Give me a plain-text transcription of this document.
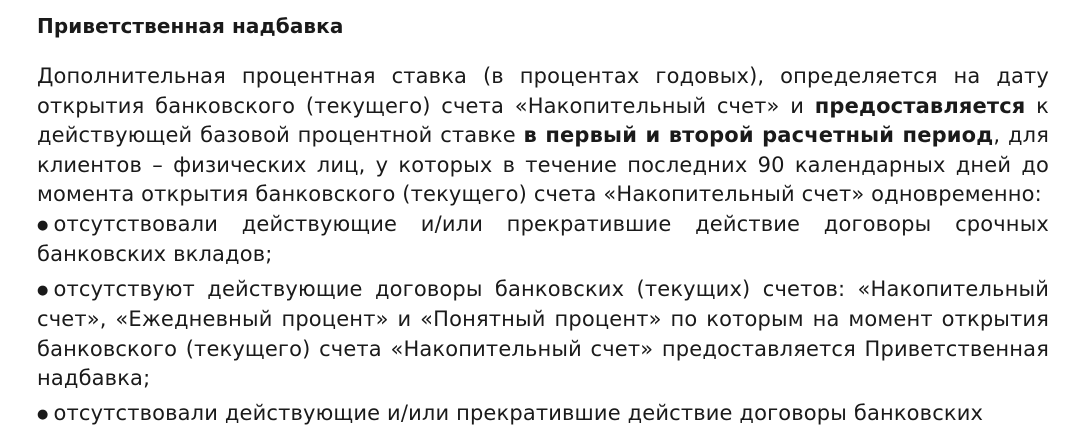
Приветственная надбавка

Дополнительная процентная ставка (в процентах годовых), определяется на дату открытия банковского (текущего) счета «Накопительный счет» и предоставляется к действующей базовой процентной ставке в первый и второй расчетный период, для клиентов – физических лиц, у которых в течение последних 90 календарных дней до момента открытия банковского (текущего) счета «Накопительный счет» одновременно:

● отсутствовали действующие и/или прекратившие действие договоры срочных банковских вкладов;
● отсутствуют действующие договоры банковских (текущих) счетов: «Накопительный счет», «Ежедневный процент» и «Понятный процент» по которым на момент открытия банковского (текущего) счета «Накопительный счет» предоставляется Приветственная надбавка;
● отсутствовали действующие и/или прекратившие действие договоры банковских
